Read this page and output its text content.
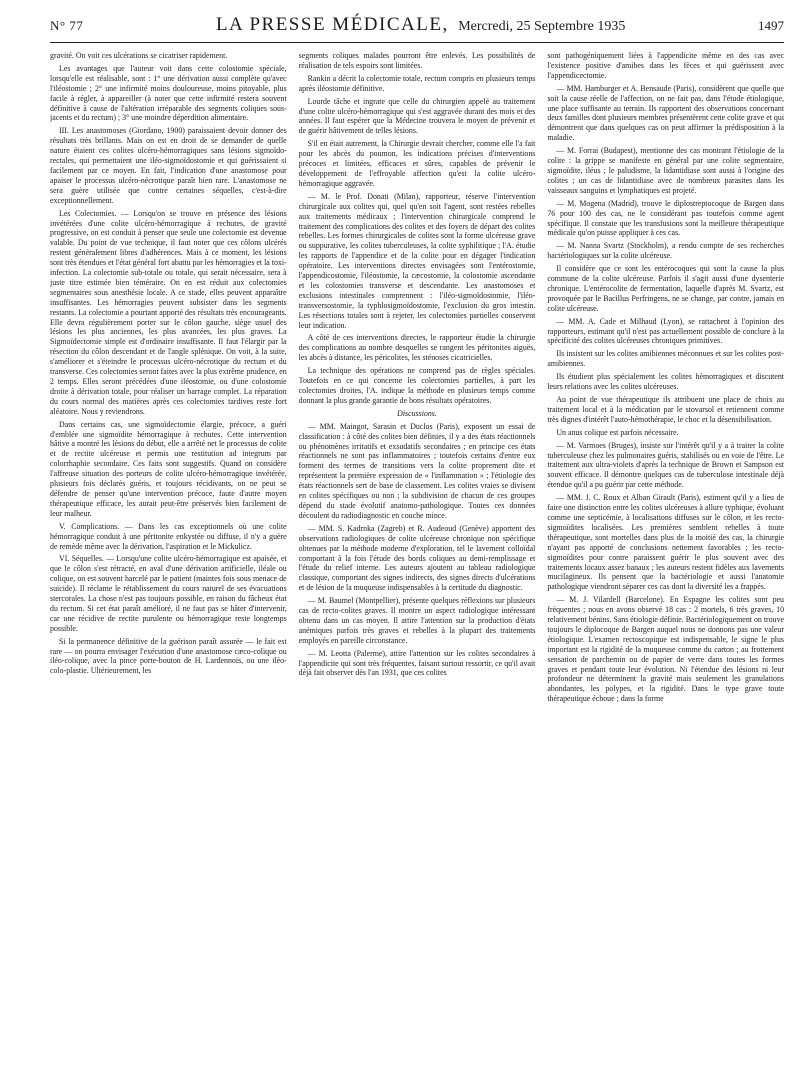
N° 77	LA PRESSE MÉDICALE, Mercredi, 25 Septembre 1935	1497

gravité. On voit ces ulcérations se cicatriser rapidement.

Les avantages que l'auteur voit dans cette colostomie spéciale, lorsqu'elle est réalisable, sont : 1° une dérivation aussi complète qu'avec l'iléostomie ; 2° une infirmité moins douloureuse, moins pitoyable, plus facile à régler, à appareiller (à noter que cette infirmité restera souvent définitive à cause de l'altération irréparable des segments coliques sous-jacents et du rectum) ; 3° une moindre déperdition alimentaire.

III. Les anastomoses (Giordano, 1900) paraissaient devoir donner des résultats très brillants. Mais on est en droit de se demander de quelle nature étaient ces colites ulcéro-hémorragiques sans lésions sigmoïdo-rectales, qui permettaient une iléo-sigmoïdostomie et qui guérissaient si facilement par ce moyen. En fait, l'indication d'une anastomose pour apaiser le processus ulcéro-nécrotique paraît bien rare. L'anastomose ne sera guère utilisée que contre certaines séquelles, c'est-à-dire exceptionnellement.

Les Colectomies. — Lorsqu'on se trouve en présence des lésions invétérées d'une colite ulcéro-hémorragique à rechutes, de gravité progressive, on est conduit à penser que seule une colectomie est devenue valable. Du point de vue technique, il faut noter que ces côlons ulcérés restent généralement libres d'adhérences. Mais à ce moment, les lésions sont très étendues et l'état général fort abattu par les hémorragies et la toxi-infection. La colectomie sub-totale ou totale, qui serait nécessaire, sera à juste titre estimée bien téméraire. On en est réduit aux colectomies segmentaires sous anesthésie locale. A ce stade, elles peuvent apparaître insuffisantes. Les hémorragies peuvent subsister dans les segments restants. La colectomie a pourtant apporté des résultats très encourageants. Elle devra régulièrement porter sur le côlon gauche, siège usuel des lésions les plus anciennes, les plus avancées, les plus graves. La Sigmoïdectomie simple est d'ordinaire insuffisante. Il faut l'élargir par la résection du côlon descendant et de l'angle splénique. On voit, à la suite, s'améliorer et s'éteindre le processus ulcéro-nécrotique du rectum et du transverse. Ces colectomies seront faites avec la plus extrême prudence, en 2 temps. Elles seront précédées d'une iléostomie, ou d'une colostomie droite à dérivation totale, pour réaliser un barrage complet. La réparation du cours normal des matières après ces colectomies tardives reste fort aléatoire. Nous y reviendrons.

Dans certains cas, une sigmoïdectomie élargie, précoce, a guéri d'emblée une sigmoïdite hémorragique à rechutes. Cette intervention hâtive a montré les lésions du début, elle a arrêté net le processus de colite et de rectite ulcéreuse et permis une restitution ad integrum par colorrhaphie secondaire. Ces faits sont suggestifs. Quand on considère l'affreuse situation des porteurs de colite ulcéro-hémorragique invétérée, plusieurs fois déclarés guéris, et toujours récidivants, on ne peut se défendre de penser qu'une intervention précoce, faute d'autre moyen thérapeutique efficace, les aurait peut-être préservés bien facilement de leur malheur.

V. Complications. — Dans les cas exceptionnels où une colite hémorragique conduit à une péritonite enkystée ou diffuse, il n'y a guère de remède même avec la dérivation, l'aspiration et le Mickulicz.

VI. Séquelles. — Lorsqu'une colite ulcéro-hémorragique est apaisée, et que le côlon s'est rétracté, en aval d'une dérivation artificielle, iléale ou colique, on est souvent harcelé par le patient (maintes fois sous menace de suicide). Il réclame le rétablissement du cours naturel de ses évacuations stercorales. La chose n'est pas toujours possible, en raison du fâcheux état du rectum. Si cet état paraît amélioré, il ne faut pas se hâter d'intervenir, car une récidive de rectite purulente ou hémorragique reste longtemps possible.

Si la permanence définitive de la guérison paraît assurée — le fait est rare — on pourra envisager l'exécution d'une anastomose cæco-colique ou iléo-colique, avec la pince porte-bouton de H. Lardennois, ou une iléo-colo-plastie. Ultérieurement, les

segments coliques malades pourront être enlevés. Les possibilités de réalisation de tels espoirs sont limitées.

Rankin a décrit la colectomie totale, rectum compris en plusieurs temps après iléostomie définitive.

Lourde tâche et ingrate que celle du chirurgien appelé au traitement d'une colite ulcéro-hémorragique qui s'est aggravée durant des mois et des années. Il faut espérer que la Médecine trouvera le moyen de prévenir et de guérir hâtivement de telles lésions.

S'il en était autrement, la Chirurgie devrait chercher, comme elle l'a fait pour les abcès du poumon, les indications précises d'interventions précoces et limitées, efficaces et sûres, capables de prévenir le développement de l'effroyable affection qu'est la colite ulcéro-hémorragique aggravée.

— M. le Prof. Donati (Milan), rapporteur, réserve l'intervention chirurgicale aux colites qui, quel qu'en soit l'agent, sont restées rebelles aux traitements médicaux ; l'intervention chirurgicale comprend le traitement des complications des colites et des foyers de départ des colites rebelles. Les formes chirurgicales de colites sont la forme ulcéreuse grave ou suppurative, les colites tuberculeuses, la colite syphilitique ; l'A. étudie les rapports de l'appendice et de la colite pour en dégager l'indication opératoire. Les interventions directes envisagées sont l'entérostomie, l'appendicostomie, l'iléostomie, la cæcostomie, la colostomie ascendante et les colostomies transverse et descendante. Les anastomoses et exclusions intestinales comprennent : l'iléo-sigmoïdostomie, l'iléo-transversostomie, la typhlosigmoïdostomie, l'exclusion du gros intestin. Les résections totales sont à rejeter, les colectomies partielles conservent leur indication.

A côté de ces interventions directes, le rapporteur étudie la chirurgie des complications au nombre desquelles se rangent les péritonites aiguës, les abcès à distance, les péricolites, les sténoses cicatricielles.

La technique des opérations ne comprend pas de règles spéciales. Toutefois en ce qui concerne les colectomies partielles, à part les colectomies droites, l'A. indique la méthode en plusieurs temps comme donnant la plus grande garantie de bons résultats opératoires.

Discussions.

— MM. Maingot, Sarasin et Duclos (Paris), exposent un essai de classification : à côté des colites bien définies, il y a des états réactionnels ou phénomènes irritatifs et exsudatifs secondaires ; en principe ces états réactionnels ne sont pas inflammatoires ; toutefois certains d'entre eux forment des termes de transitions vers la colite proprement dite et représentent la première expression de « l'inflammation » ; l'étiologie des états réactionnels sert de base de classement. Les colites vraies se divisent en colites spécifiques ou non ; la subdivision de chacun de ces groupes dépend du stade évolutif anatomo-pathologique. Toutes ces données découlent du radiodiagnostic en couche mince.

— MM. S. Kadrnka (Zagreb) et R. Audeoud (Genève) apportent des observations radiologiques de colite ulcéreuse chronique non spécifique obtenues par la méthode moderne d'exploration, tel le lavement colloïdal comportant à la fois l'étude des bords coliques au demi-remplissage et l'étude du relief interne. Les auteurs ajoutent au tableau radiologique classique, comportant des signes indirects, des signes directs d'ulcérations et de lésion de la muqueuse indispensables à la certitude du diagnostic.

— M. Baumel (Montpellier), présente quelques réflexions sur plusieurs cas de recto-colites graves. Il montre un aspect radiologique intéressant obtenu dans un cas moyen. Il attire l'attention sur la production d'états anémiques parfois très graves et rebelles à la plupart des traitements employés en pareille circonstance.

— M. Leotta (Palerme), attire l'attention sur les colites secondaires à l'appendicite qui sont très fréquentes, faisant surtout ressortir, ce qu'il avait déjà fait observer dès l'an 1931, que ces colites

sont pathogéniquement liées à l'appendicite même en des cas avec l'existence positive d'amibes dans les fèces et qui guérissent avec l'appendicectomie.

— MM. Hamburger et A. Bensaude (Paris), considèrent que quelle que soit la cause réelle de l'affection, on ne fait pas, dans l'étude étiologique, une place suffisante au terrain. Ils rapportent des observations concernant deux familles dont plusieurs membres présentèrent cette colite grave et qui démontrent que dans quelques cas on peut affirmer la prédisposition à la maladie.

— M. Forrai (Budapest), mentionne des cas montrant l'étiologie de la colite : la grippe se manifeste en général par une colite segmentaire, sigmoïdite, iléus ; le paludisme, la lidantidiase sont aussi à l'origine des colites ; un cas de lidantidiase avec de nombreux parasites dans les vaisseaux sanguins et lymphatiques est projeté.

— M. Mogena (Madrid), trouve le diplostreptocoque de Bargen dans 76 pour 100 des cas, ne le considérant pas toutefois comme agent spécifique. Il constate que les transfusions sont la meilleure thérapeutique médicale qu'on puisse appliquer à ces cas.

— M. Nanna Svartz (Stockholm), a rendu compte de ses recherches bactériologiques sur la colite ulcéreuse.

Il considère que ce sont les entérocoques qui sont la cause la plus commune de la colite ulcéreuse. Parfois il s'agit aussi d'une dysenterie chronique. L'entérocolite de fermentation, laquelle d'après M. Svartz, est provoquée par le Bacillus Perfringens, ne se change, par contre, jamais en colite ulcéreuse.

— MM. A. Cade et Milhaud (Lyon), se rattachent à l'opinion des rapporteurs, estimant qu'il n'est pas actuellement possible de conclure à la spécificité des colites ulcéreuses chroniques primitives.

Ils insistent sur les colites amibiennes méconnues et sur les colites post-amibiennes.

Ils étudient plus spécialement les colites hémorragiques et discutent leurs relations avec les colites ulcéreuses.

Au point de vue thérapeutique ils attribuent une place de choix au traitement local et à la médication par le stovarsol et retiennent comme très dignes d'intérêt l'auto-hémothérapie, le choc et la désensibilisation.

Un anus colique est parfois nécessaire.

— M. Varmoes (Bruges), insiste sur l'intérêt qu'il y a à traiter la colite tuberculeuse chez les pulmonaires guéris, stabilisés ou en voie de l'être. Le traitement aux ultra-violets d'après la technique de Brown et Sampson est souvent efficace. Il démontre quelques cas de tuberculose intestinale déjà étendue qu'il a pu guérir par cette méthode.

— MM. J. C. Roux et Alban Girault (Paris), estiment qu'il y a lieu de faire une distinction entre les colites ulcéreuses à allure typhique, évoluant comme une septicémie, à localisations diffuses sur le côlon, et les recto-sigmoïdites localisées. Les premières semblent rebelles à toute thérapeutique, sont mortelles dans plus de la moitié des cas, la chirurgie n'ayant pas apporté de conclusions nettement favorables ; les recto-sigmoïdites pour contre paraissent guérir le plus souvent avec des traitements locaux assez banaux ; les auteurs restent fidèles aux lavements mucilagineux. Ils pensent que la bactériologie et aussi l'anatomie pathologique viendront séparer ces cas dont la diversité les a frappés.

— M. J. Vilardell (Barcelone). En Espagne les colites sont peu fréquentes ; nous en avons observé 18 cas : 2 mortels, 6 très graves, 10 relativement bénins. Sans étiologie définie. Bactériologiquement on trouve toujours le diplocoque de Bargen auquel nous ne donnons pas une valeur étiologique. L'examen rectoscopique est indispensable, le signe le plus important est la rigidité de la muqueuse comme du carton ; au frottement sensation de parchemin ou de papier de verre dans toutes les formes graves et pendant toute leur évolution. Ni l'étendue des lésions ni leur profondeur ne déterminent la gravité mais seulement les granulations abondantes, les polypes, et la rigidité. Dans le type grave toute thérapeutique échoue ; dans la forme
